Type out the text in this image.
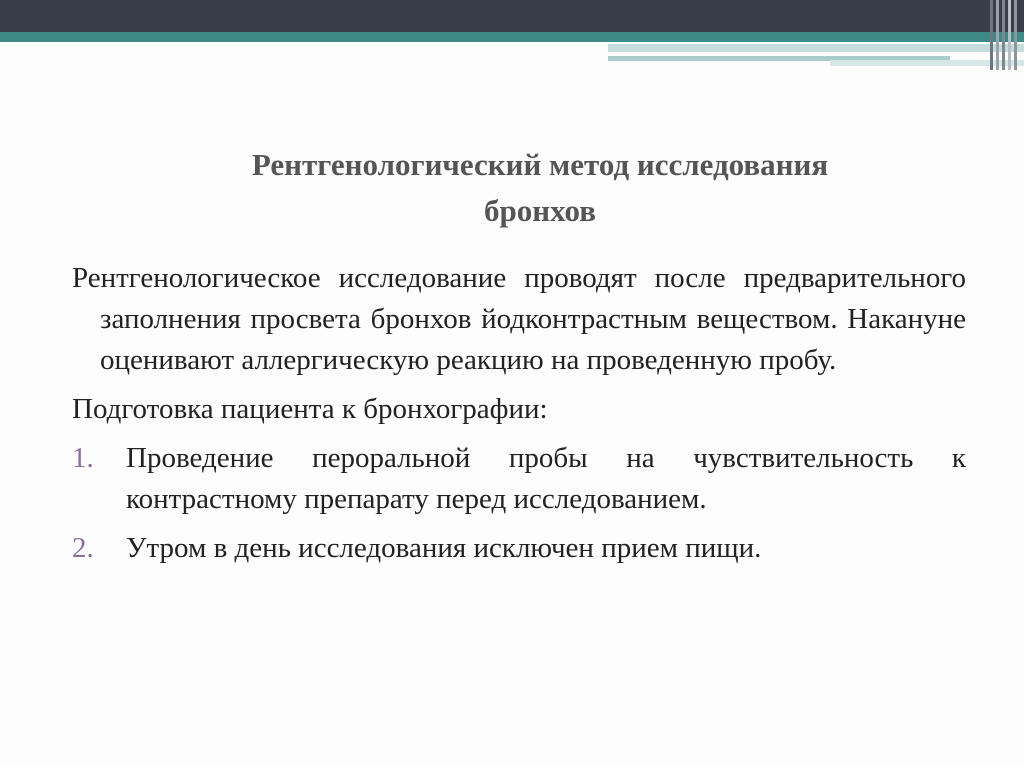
Рентгенологический метод исследования
бронхов

Рентгенологическое исследование проводят после предварительного заполнения просвета бронхов йодконтрастным веществом. Накануне оценивают аллергическую реакцию на проведенную пробу.

Подготовка пациента к бронхографии:

1. Проведение пероральной пробы на чувствительность к контрастному препарату перед исследованием.
2. Утром в день исследования исключен прием пищи.
